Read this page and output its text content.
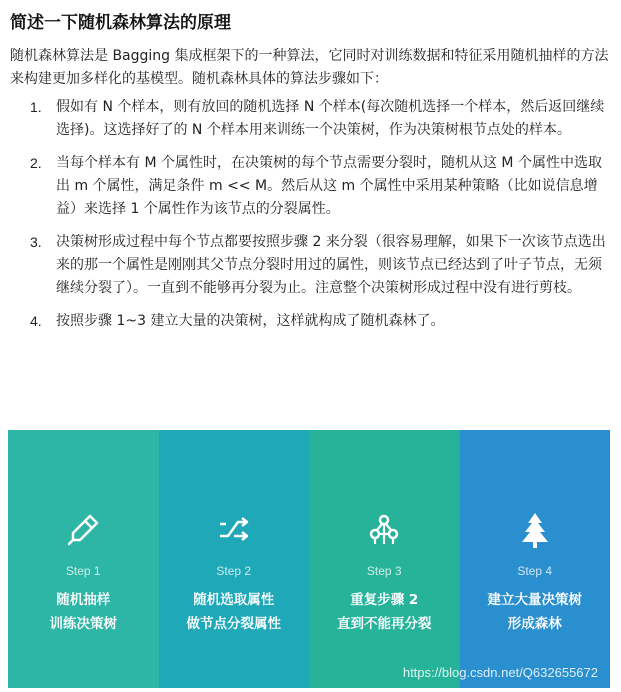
简述一下随机森林算法的原理
随机森林算法是 Bagging 集成框架下的一种算法，它同时对训练数据和特征采用随机抽样的方法来构建更加多样化的基模型。随机森林具体的算法步骤如下：
1. 假如有 N 个样本，则有放回的随机选择 N 个样本(每次随机选择一个样本，然后返回继续选择)。这选择好了的 N 个样本用来训练一个决策树，作为决策树根节点处的样本。
2. 当每个样本有 M 个属性时，在决策树的每个节点需要分裂时，随机从这 M 个属性中选取出 m 个属性，满足条件 m << M。然后从这 m 个属性中采用某种策略（比如说信息增益）来选择 1 个属性作为该节点的分裂属性。
3. 决策树形成过程中每个节点都要按照步骤 2 来分裂（很容易理解，如果下一次该节点选出来的那一个属性是刚刚其父节点分裂时用过的属性，则该节点已经达到了叶子节点，无须继续分裂了）。一直到不能够再分裂为止。注意整个决策树形成过程中没有进行剪枝。
4. 按照步骤 1~3 建立大量的决策树，这样就构成了随机森林了。
Step 1
随机抽样
训练决策树
Step 2
随机选取属性
做节点分裂属性
Step 3
重复步骤 2
直到不能再分裂
Step 4
建立大量决策树
形成森林
https://blog.csdn.net/Q632655672
